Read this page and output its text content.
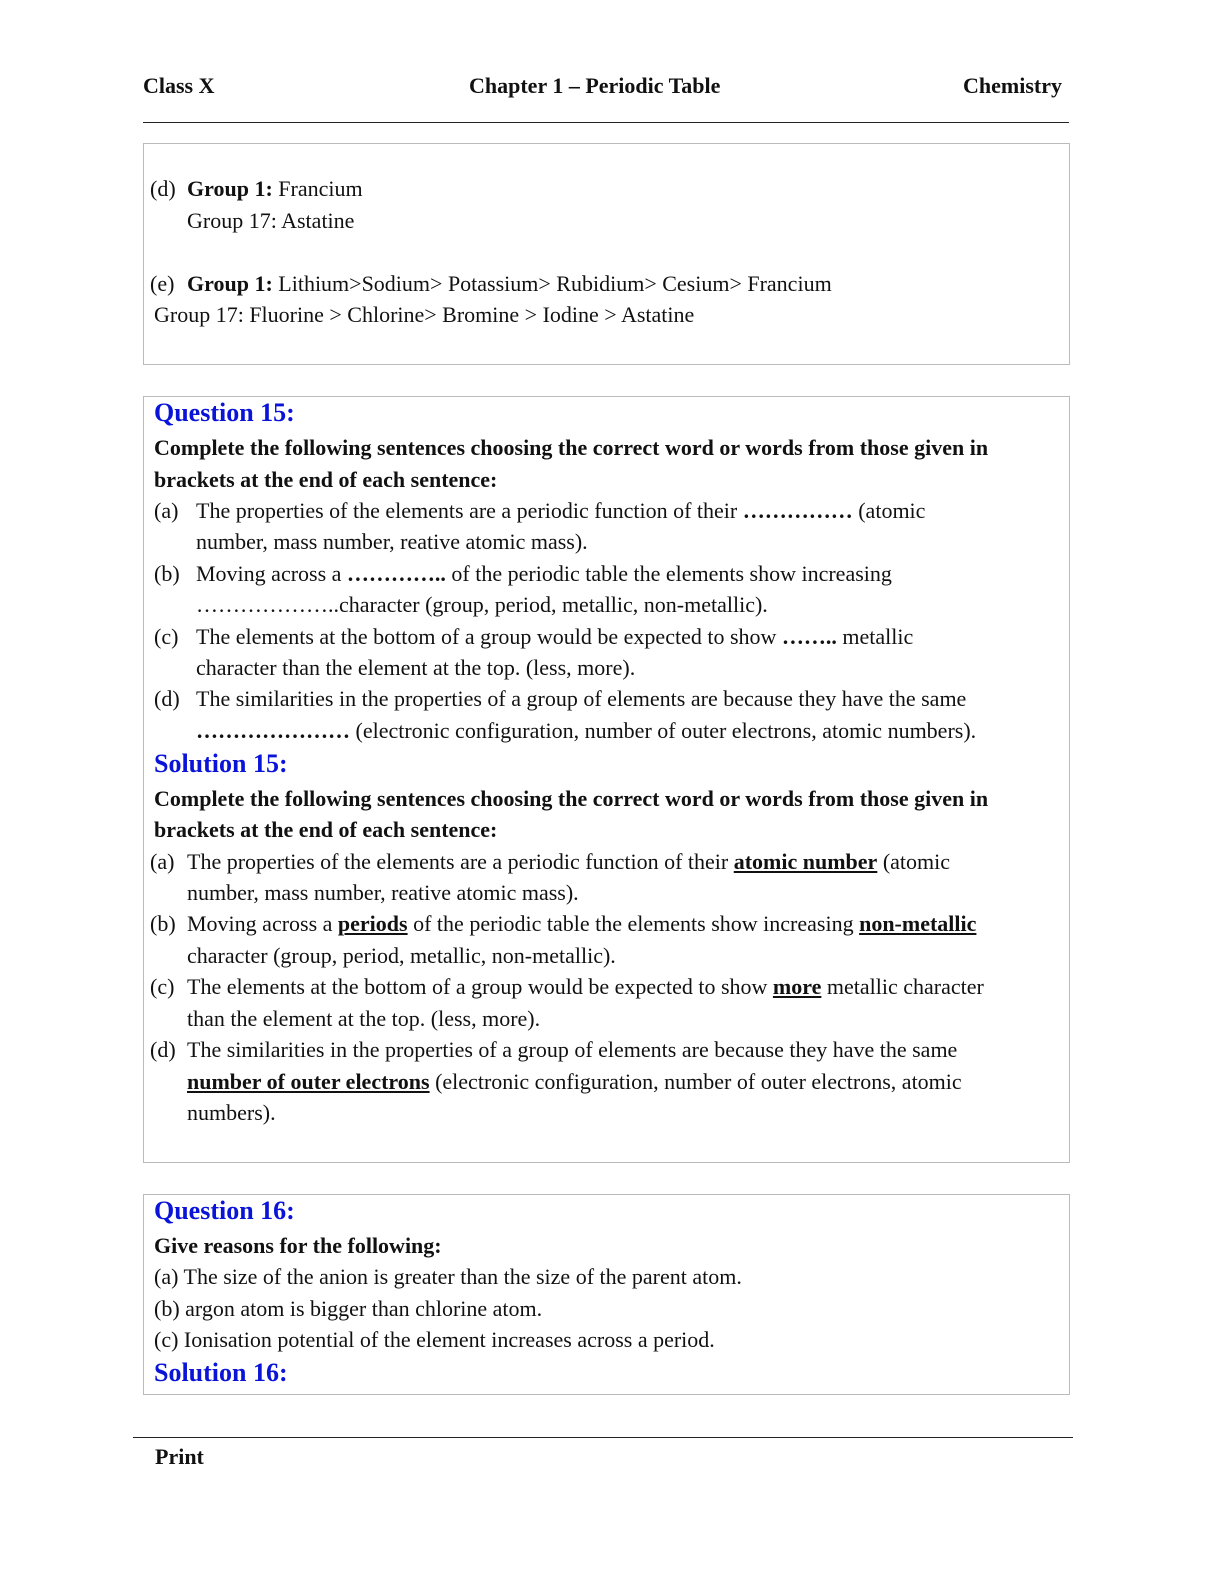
Class X	Chapter 1 – Periodic Table	Chemistry
Question 15:
Complete the following sentences choosing the correct word or words from those given in
brackets at the end of each sentence:
Solution 15:
Complete the following sentences choosing the correct word or words from those given in
brackets at the end of each sentence:
Question 16:
Give reasons for the following:
Solution 16:
Print
(d) Group 1: Francium
Group 17: Astatine
(e) Group 1: Lithium>Sodium> Potassium> Rubidium> Cesium> Francium
Group 17: Fluorine > Chlorine> Bromine > Iodine > Astatine
(a) The properties of the elements are a periodic function of their …………… (atomic
number, mass number, reative atomic mass).
(b) Moving across a ………….. of the periodic table the elements show increasing
………………..character (group, period, metallic, non-metallic).
(c) The elements at the bottom of a group would be expected to show …….. metallic
character than the element at the top. (less, more).
(d) The similarities in the properties of a group of elements are because they have the same
………………… (electronic configuration, number of outer electrons, atomic numbers).
(a) The properties of the elements are a periodic function of their atomic number (atomic
number, mass number, reative atomic mass).
(b) Moving across a periods of the periodic table the elements show increasing non-metallic
character (group, period, metallic, non-metallic).
(c) The elements at the bottom of a group would be expected to show more metallic character
than the element at the top. (less, more).
(d) The similarities in the properties of a group of elements are because they have the same
number of outer electrons (electronic configuration, number of outer electrons, atomic
numbers).
(a) The size of the anion is greater than the size of the parent atom.
(b) argon atom is bigger than chlorine atom.
(c) Ionisation potential of the element increases across a period.
